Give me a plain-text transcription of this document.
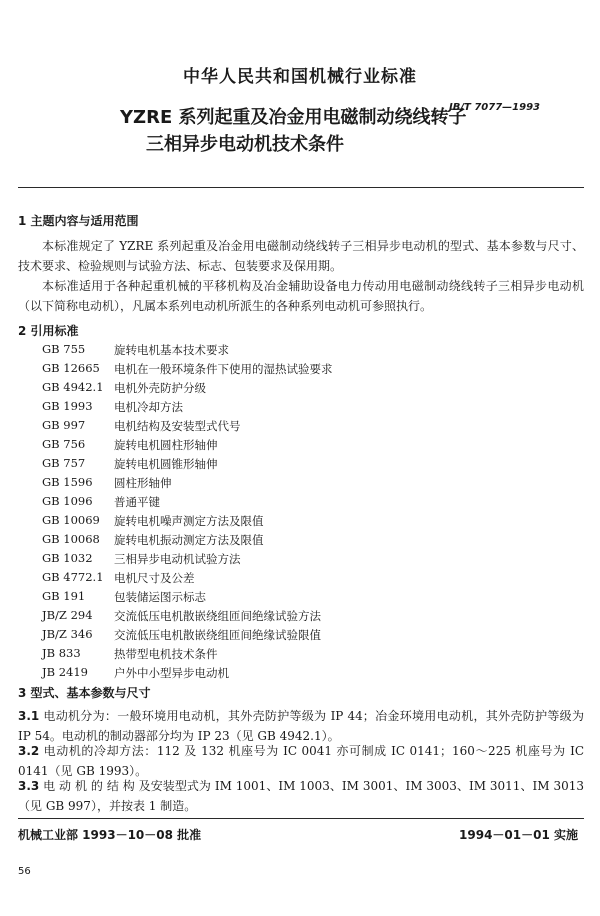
中华人民共和国机械行业标准
YZRE 系列起重及冶金用电磁制动绕线转子
三相异步电动机技术条件
JB/T 7077—1993
1 主题内容与适用范围
本标准规定了 YZRE 系列起重及冶金用电磁制动绕线转子三相异步电动机的型式、基本参数与尺寸、技术要求、检验规则与试验方法、标志、包装要求及保用期。
本标准适用于各种起重机械的平移机构及冶金辅助设备电力传动用电磁制动绕线转子三相异步电动机（以下简称电动机），凡属本系列电动机所派生的各种系列电动机可参照执行。
2 引用标准
GB 755	旋转电机基本技术要求
GB 12665	电机在一般环境条件下使用的湿热试验要求
GB 4942.1 电机外壳防护分级
GB 1993	电机冷却方法
GB 997	电机结构及安装型式代号
GB 756	旋转电机圆柱形轴伸
GB 757	旋转电机圆锥形轴伸
GB 1596	圆柱形轴伸
GB 1096	普通平键
GB 10069	旋转电机噪声测定方法及限值
GB 10068	旋转电机振动测定方法及限值
GB 1032	三相异步电动机试验方法
GB 4772.1 电机尺寸及公差
GB 191	包装储运图示标志
JB/Z 294	交流低压电机散嵌绕组匝间绝缘试验方法
JB/Z 346	交流低压电机散嵌绕组匝间绝缘试验限值
JB 833	热带型电机技术条件
JB 2419	户外中小型异步电动机
3 型式、基本参数与尺寸
3.1 电动机分为：一般环境用电动机，其外壳防护等级为 IP 44；冶金环境用电动机，其外壳防护等级为 IP 54。电动机的制动器部分均为 IP 23（见 GB 4942.1）。
3.2 电动机的冷却方法：112 及 132 机座号为 IC 0041 亦可制成 IC 0141；160～225 机座号为 IC 0141（见 GB 1993）。
3.3 电 动 机 的 结 构 及安装型式为 IM 1001、IM 1003、IM 3001、IM 3003、IM 3011、IM 3013（见 GB 997），并按表 1 制造。
机械工业部 1993－10－08 批准	1994－01－01 实施
56
